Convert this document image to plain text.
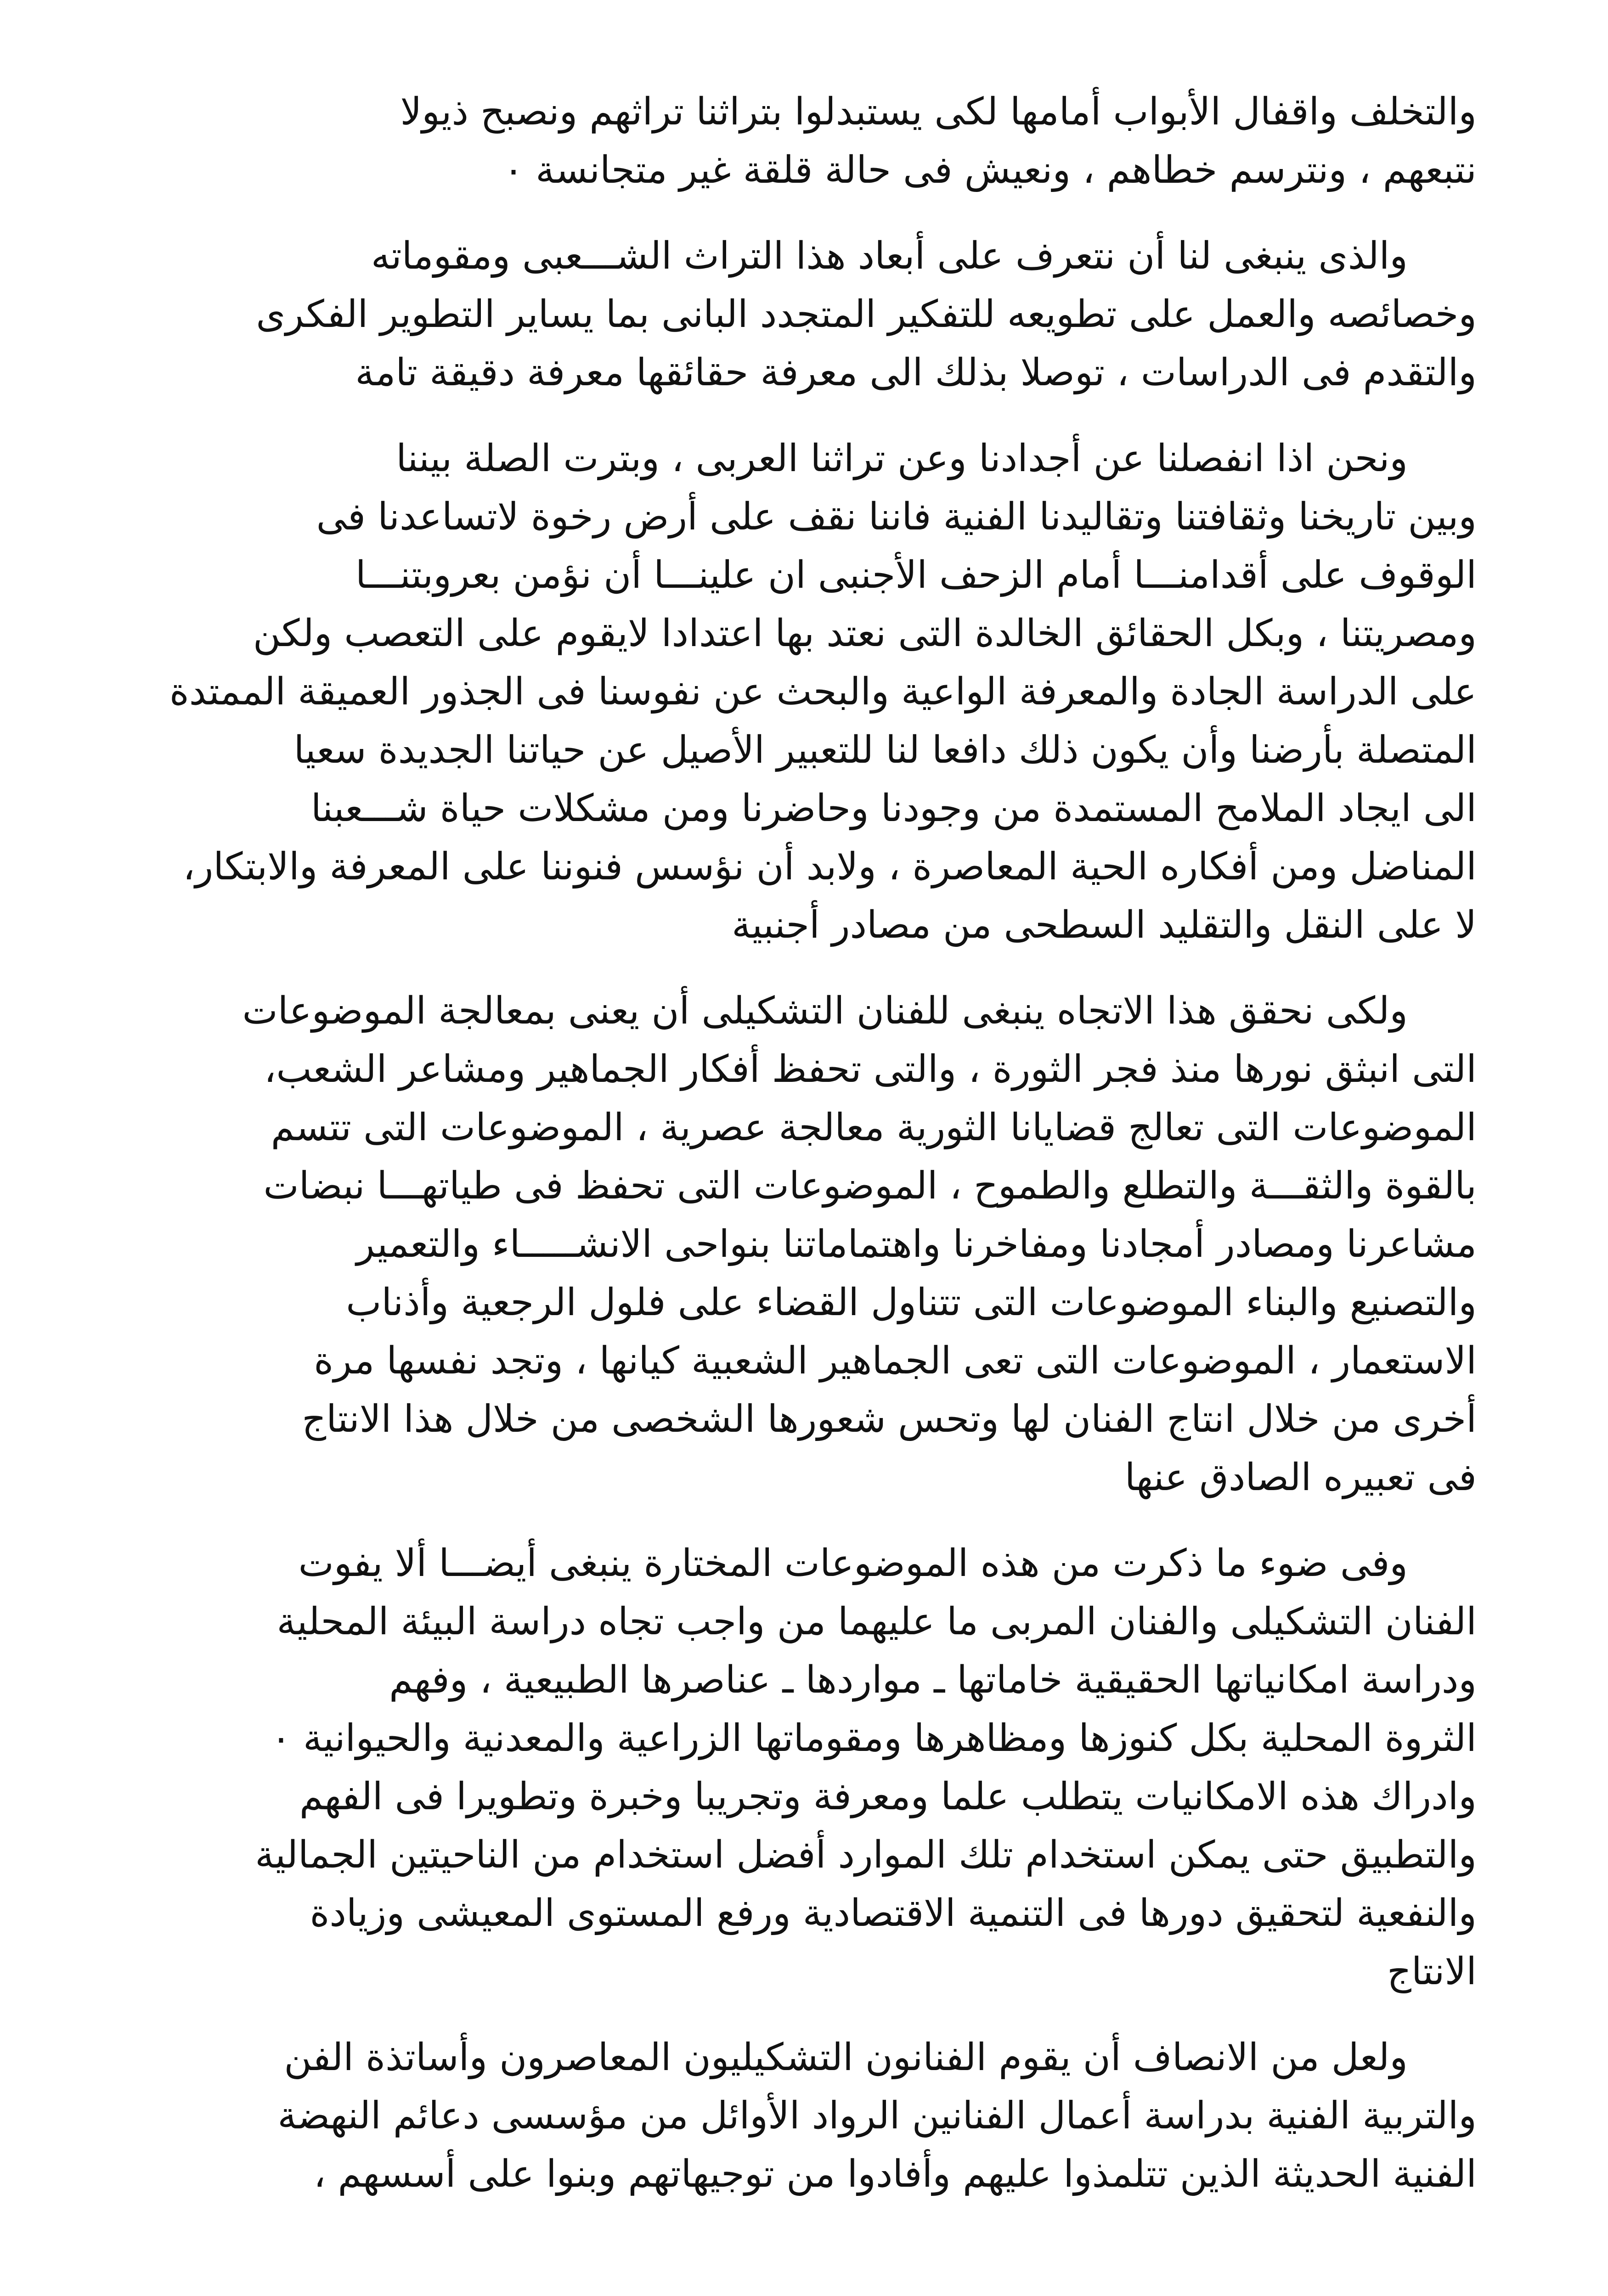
والتخلف واقفال الأبواب أمامها لكى يستبدلوا بتراثنا تراثهم ونصبح ذيولا
نتبعهم ، ونترسم خطاهم ، ونعيش فى حالة قلقة غير متجانسة ٠

والذى ينبغى لنا أن نتعرف على أبعاد هذا التراث الشـــعبى ومقوماته
وخصائصه والعمل على تطويعه للتفكير المتجدد البانى بما يساير التطوير الفكرى
والتقدم فى الدراسات ، توصلا بذلك الى معرفة حقائقها معرفة دقيقة تامة

ونحن اذا انفصلنا عن أجدادنا وعن تراثنا العربى ، وبترت الصلة بيننا
وبين تاريخنا وثقافتنا وتقاليدنا الفنية فاننا نقف على أرض رخوة لاتساعدنا فى
الوقوف على أقدامنـــا أمام الزحف الأجنبى ان علينـــا أن نؤمن بعروبتنـــا
ومصريتنا ، وبكل الحقائق الخالدة التى نعتد بها اعتدادا لايقوم على التعصب ولكن
على الدراسة الجادة والمعرفة الواعية والبحث عن نفوسنا فى الجذور العميقة الممتدة
المتصلة بأرضنا وأن يكون ذلك دافعا لنا للتعبير الأصيل عن حياتنا الجديدة سعيا
الى ايجاد الملامح المستمدة من وجودنا وحاضرنا ومن مشكلات حياة شـــعبنا
المناضل ومن أفكاره الحية المعاصرة ، ولابد أن نؤسس فنوننا على المعرفة والابتكار،
لا على النقل والتقليد السطحى من مصادر أجنبية

ولكى نحقق هذا الاتجاه ينبغى للفنان التشكيلى أن يعنى بمعالجة الموضوعات
التى انبثق نورها منذ فجر الثورة ، والتى تحفظ أفكار الجماهير ومشاعر الشعب،
الموضوعات التى تعالج قضايانا الثورية معالجة عصرية ، الموضوعات التى تتسم
بالقوة والثقـــة والتطلع والطموح ، الموضوعات التى تحفظ فى طياتهـــا نبضات
مشاعرنا ومصادر أمجادنا ومفاخرنا واهتماماتنا بنواحى الانشـــــاء والتعمير
والتصنيع والبناء الموضوعات التى تتناول القضاء على فلول الرجعية وأذناب
الاستعمار ، الموضوعات التى تعى الجماهير الشعبية كيانها ، وتجد نفسها مرة
أخرى من خلال انتاج الفنان لها وتحس شعورها الشخصى من خلال هذا الانتاج
فى تعبيره الصادق عنها

وفى ضوء ما ذكرت من هذه الموضوعات المختارة ينبغى أيضـــا ألا يفوت
الفنان التشكيلى والفنان المربى ما عليهما من واجب تجاه دراسة البيئة المحلية
ودراسة امكانياتها الحقيقية خاماتها ـ مواردها ـ عناصرها الطبيعية ، وفهم
الثروة المحلية بكل كنوزها ومظاهرها ومقوماتها الزراعية والمعدنية والحيوانية ٠
وادراك هذه الامكانيات يتطلب علما ومعرفة وتجريبا وخبرة وتطويرا فى الفهم
والتطبيق حتى يمكن استخدام تلك الموارد أفضل استخدام من الناحيتين الجمالية
والنفعية لتحقيق دورها فى التنمية الاقتصادية ورفع المستوى المعيشى وزيادة
الانتاج

ولعل من الانصاف أن يقوم الفنانون التشكيليون المعاصرون وأساتذة الفن
والتربية الفنية بدراسة أعمال الفنانين الرواد الأوائل من مؤسسى دعائم النهضة
الفنية الحديثة الذين تتلمذوا عليهم وأفادوا من توجيهاتهم وبنوا على أسسهم ،
